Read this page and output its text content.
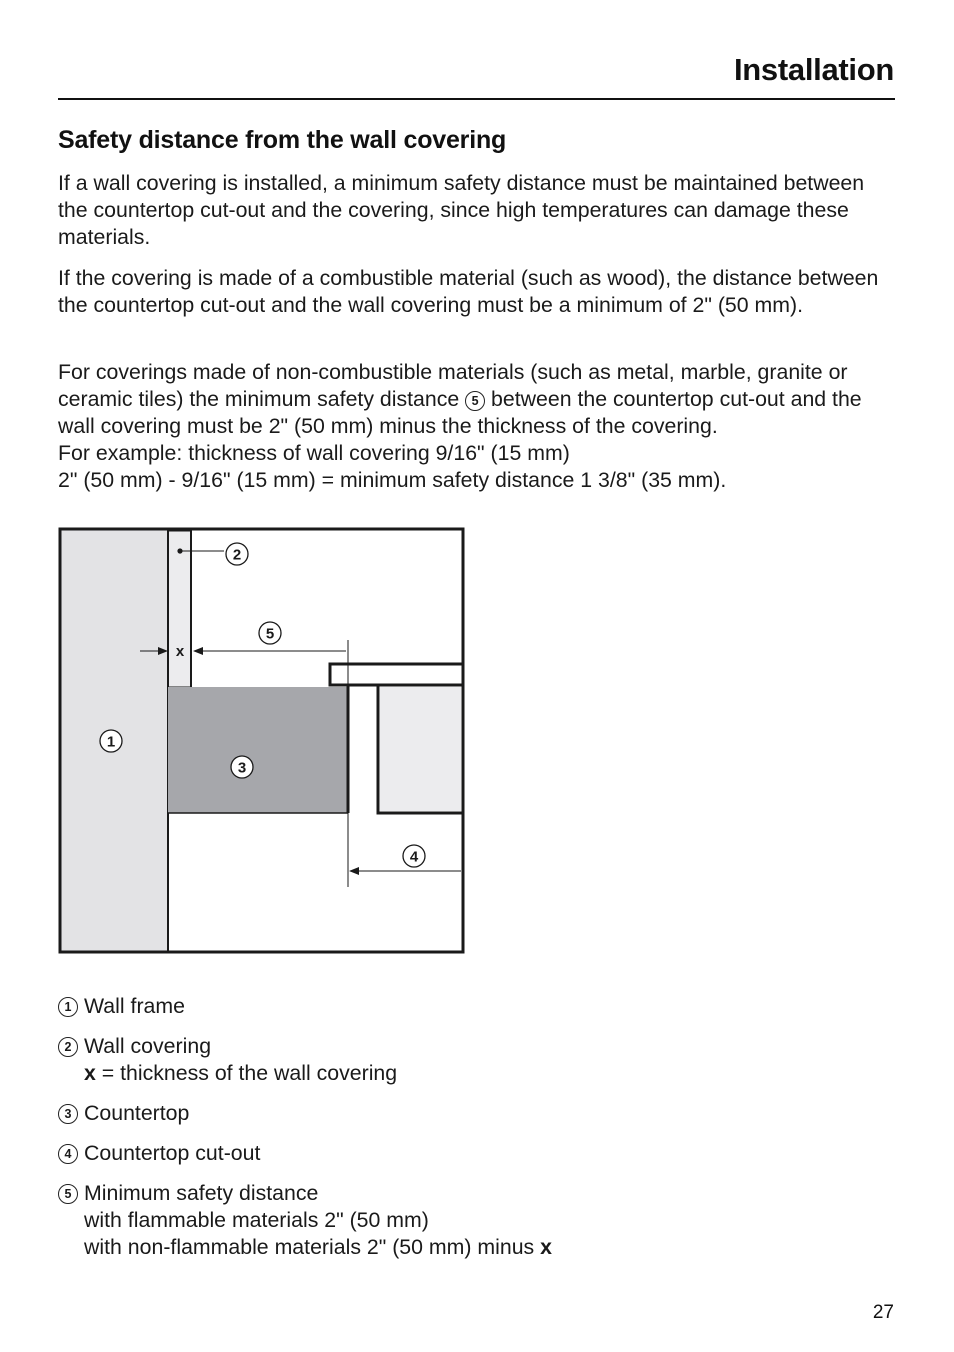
Installation
Safety distance from the wall covering

If a wall covering is installed, a minimum safety distance must be maintained between the countertop cut-out and the covering, since high temperatures can damage these materials.

If the covering is made of a combustible material (such as wood), the distance between the countertop cut-out and the wall covering must be a minimum of 2" (50 mm).

For coverings made of non-combustible materials (such as metal, marble, granite or ceramic tiles) the minimum safety distance 5 between the countertop cut-out and the wall covering must be 2" (50 mm) minus the thickness of the covering.
For example: thickness of wall covering 9/16" (15 mm)
2" (50 mm) - 9/16" (15 mm) = minimum safety distance 1 3/8" (35 mm).

2
5
x
1
3
4
1 Wall frame
2 Wall covering
x = thickness of the wall covering
3 Countertop
4 Countertop cut-out
5 Minimum safety distance
with flammable materials 2" (50 mm)
with non-flammable materials 2" (50 mm) minus x
27
